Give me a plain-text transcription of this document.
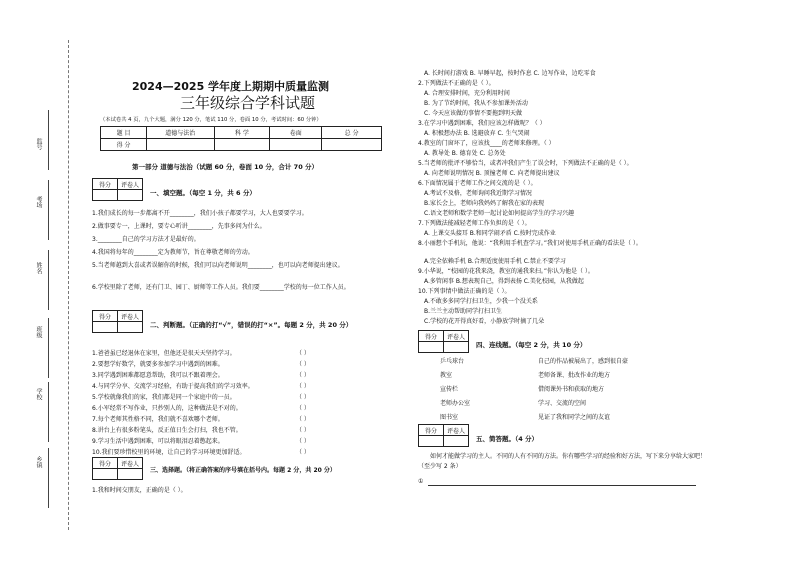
监号
考场
姓名
班级
学校
乡镇
2024—2025 学年度上期期中质量监测
三年级综合学科试题
（本试卷共 4 页，九个大题，满分 120 分，笔试 110 分，卷面 10 分，考试时间：60 分钟）
题 目	道德与法治	科 学	卷面	总 分
得 分				
第一部分 道德与法治（试题 60 分，卷面 10 分，合计 70 分）
得分	评卷人

一、填空题。（每空 1 分，共 6 分）
1.我们成长的每一步都离不开________，我们小孩子都要学习，大人也要要学习。
2.做事要专一，上课时，要专心听讲________，先事多问为什么。
3.________自己的学习方法才是最好的。
4.我国将每年的________定为教师节，旨在尊敬老师的劳动。
5.当老师越到大喜或者误解你的时候，我们可以向老师说明________，也可以向老师提出建议。
6.学校里除了老师，还有门卫、园丁、厨师等工作人员。我们要________学校的每一位工作人员。
得分	评卷人

二、判断题。（正确的打“√”，错误的打“×”。每题 2 分，共 20 分）
1.爸爸虽已经退休在家里，但他还是很天天坚持学习。	（ ）
2.要想学好数学，就要多参加学习中遇到的困难。	（ ）
3.同学遇到困难都愿意帮助，我可以不跟着理会。	（ ）
4.与同学分享、交流学习经验，有助于提高我们的学习效率。	（ ）
5.学校就像我们的家，我们都是同一个家庭中的一员。	（ ）
6.小军经常不写作业，只抄别人的，这种做法是不对的。	（ ）
7.每个老师其性格不同，我们就不喜欢哪个老师。	（ ）
8.讲台上有很多粉笔头，反正值日生会打扫，我也不管。	（ ）
9.学习生活中遇到困难，可以将眼泪忍着憋起来。	（ ）
10.我们要珍惜校里的环境，让自己的学习环境更加舒适。	（ ）
得分	评卷人

三、选择题。（将正确答案的序号填在括号内。每题 2 分，共 20 分）
1.我和时间交朋友，正确的是（ ）。
A. 长时间打游戏 B. 早睡早起，按时作息 C. 边写作业，边吃零食
2.下列做法不正确的是（ ）。
A. 合理安排时间，充分利用时间
B. 为了节约时间，我从不参加课外活动
C. 今天应该做的事情不要拖到明天做
3.在学习中遇到困难，我们应该怎样做呢？（ ）
A. 积极想办法 B. 选避放弃 C. 生气哭闹
4.教室的门窗坏了，应该找____的老师来修理。（ ）
A. 教导处 B. 德育处 C. 总务处
5.当老师的批评不够恰当，或者冲我们产生了误会时，下列做法不正确的是（ ）。
A. 向老师说明情况 B. 顶撞老师 C. 向老师提出建议
6.下面情况属于老师工作之间交流的是（ ）。
A.考试不及格，老师询问我近期学习情况
B.家长会上，老师向我妈妈了解我在家的表现
C.语文老师和数学老师一起讨论如何提高学生的学习兴趣
7.下列做法能减轻老师工作负担的是（ ）。
A. 上课交头接耳 B.和同学闹矛盾 C.按时完成作业
8.小丽想个手机玩，他说：“我利用手机查学习。”我们对使用手机正确的看法是（ ）。
A.完全依赖手机 B.合理适度使用手机 C.禁止不要学习
9.小华说，“校园的花我来浇，教室的通我来扫。”你认为他是（ ）。
A.多管闲事 B.想表现自己，得到表扬 C.美化校园，从我做起
10.下列事情中做法正确的是（ ）。
A.不敢多多同学打扫卫生，少我一个没关系
B.兰兰主动帮助同学打扫卫生
C.学校的花开得真好看，小静放学时摘了几朵
得分	评卷人

四、连线题。（每空 2 分，共 10 分）
乒乓球台
教室
宣传栏
老师办公室
图书室
自己的作品被展出了，感到很自豪
老师备课、批改作业的地方
借阅课外书和获取的地方
学习、交流的空间
见证了我和同学之间的友谊
得分	评卷人

五、简答题。（4 分）
如何才能做学习的主人。不同的人有不同的方法。你有哪些学习的经验和好方法，写下来分享给大家吧！（至少写 2 条）
①
